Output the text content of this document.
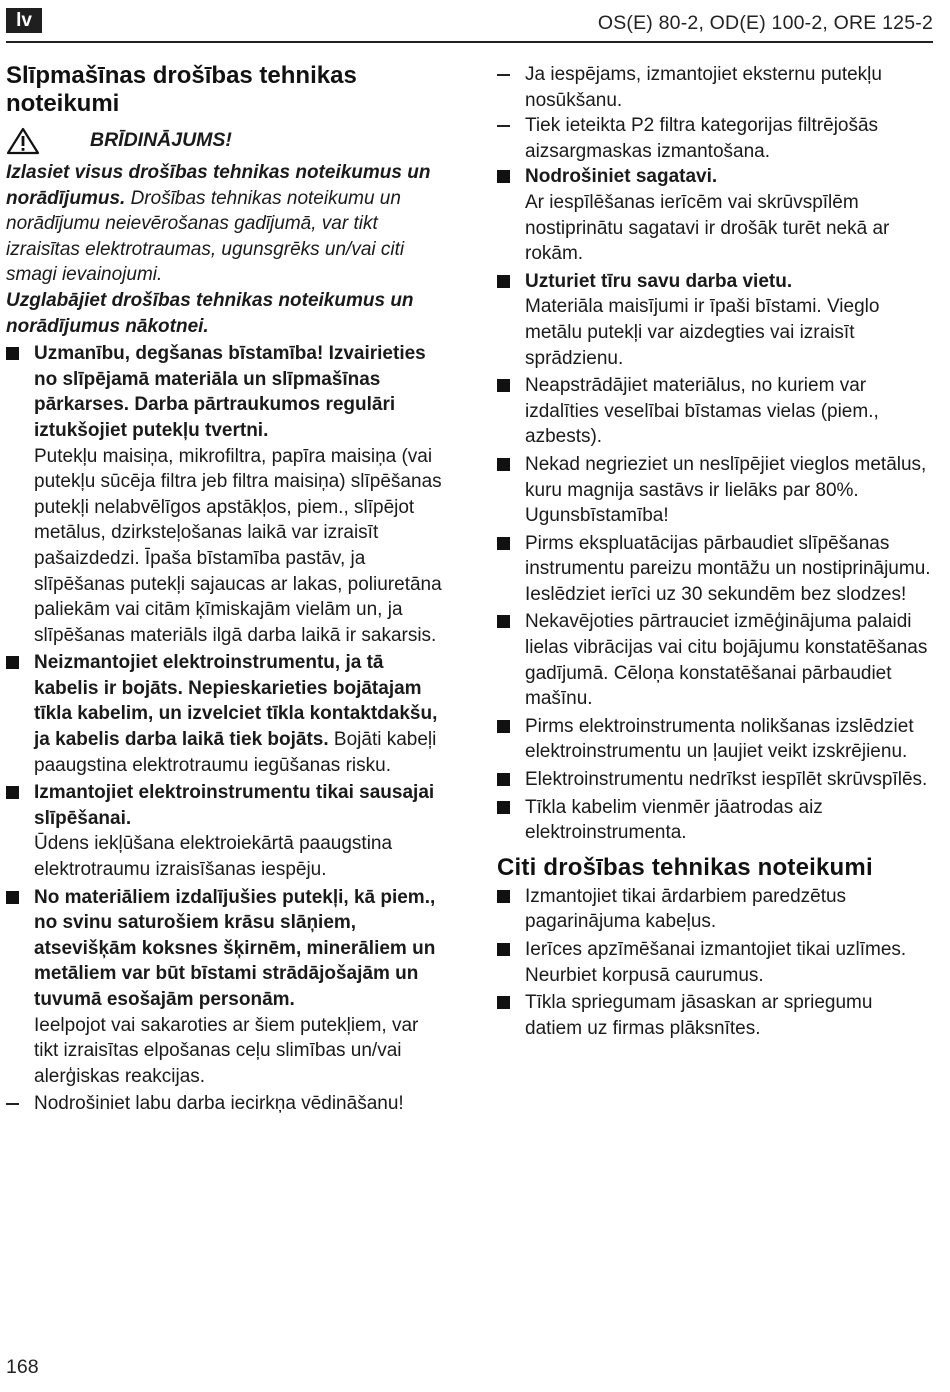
lv	OS(E) 80-2, OD(E) 100-2, ORE 125-2
Slīpmašīnas drošības tehnikas noteikumi
BRĪDINĀJUMS!

Izlasiet visus drošības tehnikas noteikumus un norādījumus. Drošības tehnikas noteikumu un norādījumu neievērošanas gadījumā, var tikt izraisītas elektrotraumas, ugunsgrēks un/vai citi smagi ievainojumi.

Uzglabājiet drošības tehnikas noteikumus un norādījumus nākotnei.

Uzmanību, degšanas bīstamība! Izvairieties no slīpējamā materiāla un slīpmašīnas pārkarses. Darba pārtraukumos regulāri iztukšojiet putekļu tvertni.
Putekļu maisiņa, mikrofiltra, papīra maisiņa (vai putekļu sūcēja filtra jeb filtra maisiņa) slīpēšanas putekļi nelabvēlīgos apstākļos, piem., slīpējot metālus, dzirksteļošanas laikā var izraisīt pašaizdedzi. Īpaša bīstamība pastāv, ja slīpēšanas putekļi sajaucas ar lakas, poliuretāna paliekām vai citām ķīmiskajām vielām un, ja slīpēšanas materiāls ilgā darba laikā ir sakarsis.
Neizmantojiet elektroinstrumentu, ja tā kabelis ir bojāts. Nepieskarieties bojātajam tīkla kabelim, un izvelciet tīkla kontaktdakšu, ja kabelis darba laikā tiek bojāts. Bojāti kabeļi paaugstina elektrotraumu iegūšanas risku.
Izmantojiet elektroinstrumentu tikai sausajai slīpēšanai.
Ūdens iekļūšana elektroiekārtā paaugstina elektrotraumu izraisīšanas iespēju.
No materiāliem izdalījušies putekļi, kā piem., no svinu saturošiem krāsu slāņiem, atsevišķām koksnes šķirnēm, minerāliem un metāliem var būt bīstami strādājošajām un tuvumā esošajām personām.
Ieelpojot vai sakaroties ar šiem putekļiem, var tikt izraisītas elpošanas ceļu slimības un/vai alerģiskas reakcijas.
Nodrošiniet labu darba iecirkņa vēdināšanu!
Ja iespējams, izmantojiet eksternu putekļu nosūkšanu.
Tiek ieteikta P2 filtra kategorijas filtrējošās aizsargmaskas izmantošana.
Nodrošiniet sagatavi.
Ar iespīlēšanas ierīcēm vai skrūvspīlēm nostiprinātu sagatavi ir drošāk turēt nekā ar rokām.
Uzturiet tīru savu darba vietu.
Materiāla maisījumi ir īpaši bīstami. Vieglo metālu putekļi var aizdegties vai izraisīt sprādzienu.
Neapstrādājiet materiālus, no kuriem var izdalīties veselībai bīstamas vielas (piem., azbests).
Nekad negrieziet un neslīpējiet vieglos metālus, kuru magnija sastāvs ir lielāks par 80%. Ugunsbīstamība!
Pirms ekspluatācijas pārbaudiet slīpēšanas instrumentu pareizu montāžu un nostiprinājumu. Ieslēdziet ierīci uz 30 sekundēm bez slodzes!
Nekavējoties pārtrauciet izmēģinājuma palaidi lielas vibrācijas vai citu bojājumu konstatēšanas gadījumā. Cēloņa konstatēšanai pārbaudiet mašīnu.
Pirms elektroinstrumenta nolikšanas izslēdziet elektroinstrumentu un ļaujiet veikt izskrējienu.
Elektroinstrumentu nedrīkst iespīlēt skrūvspīlēs.
Tīkla kabelim vienmēr jāatrodas aiz elektroinstrumenta.
Citi drošības tehnikas noteikumi
Izmantojiet tikai ārdarbiem paredzētus pagarinājuma kabeļus.
Ierīces apzīmēšanai izmantojiet tikai uzlīmes. Neurbiet korpusā caurumus.
Tīkla spriegumam jāsaskan ar spriegumu datiem uz firmas plāksnītes.
168
